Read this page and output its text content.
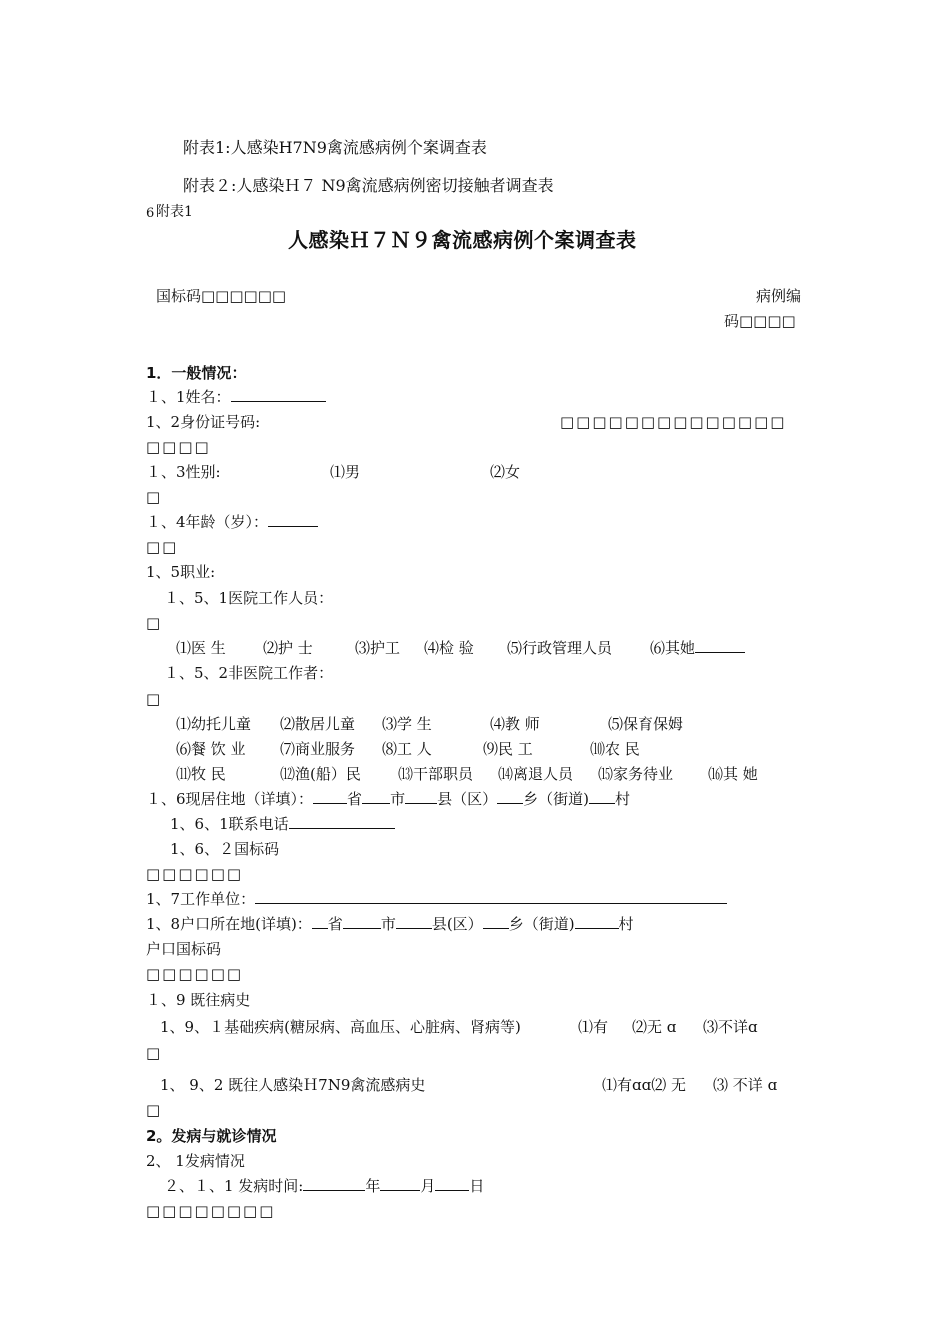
附表1:人感染H7N9禽流感病例个案调查表
附表２:人感染Ｈ７ N9禽流感病例密切接触者调查表
6 附表1
人感染Ｈ７Ｎ９禽流感病例个案调查表
国标码□□□□□□	病例编
码□□□□
1．一般情况：
１、1姓名：
1、2身份证号码:	□□□□□□□□□□□□□□
□□□□
１、3性别:	⑴男	⑵女
□
１、4年龄（岁）：
□□
1、5职业:
１、5、1医院工作人员：
□
⑴医 生 ⑵护 士	⑶护工 ⑷检 验 ⑸行政管理人员	⑹其她
１、5、2非医院工作者：
□
⑴幼托儿童 ⑵散居儿童 ⑶学 生	⑷教 师	⑸保育保姆
⑹餐 饮 业 ⑺商业服务 ⑻工 人	⑼民 工	⑽农 民
⑾牧 民	⑿渔(船）民 ⒀干部职员 ⒁离退人员 ⒂家务待业 ⒃其 她
１、6现居住地（详填）： 省 市 县（区） 乡（街道) 村
1、6、1联系电话
1、6、２国标码
□□□□□□
1、7工作单位：
1、8户口所在地(详填)： 省	市 县(区） 乡（街道)	村
户口国标码
□□□□□□
１、9 既往病史
1、9、１基础疾病(糖尿病、高血压、心脏病、肾病等)	⑴有 ⑵无 ɑ ⑶不详ɑ
□
1、 9、2 既往人感染Ｈ7N9禽流感病史	⑴有ɑɑ⑵ 无 ⑶ 不详 ɑ
□
2。发病与就诊情况
2、 1发病情况
２、１、1 发病时间:	年	月 日
□□□□□□□□
